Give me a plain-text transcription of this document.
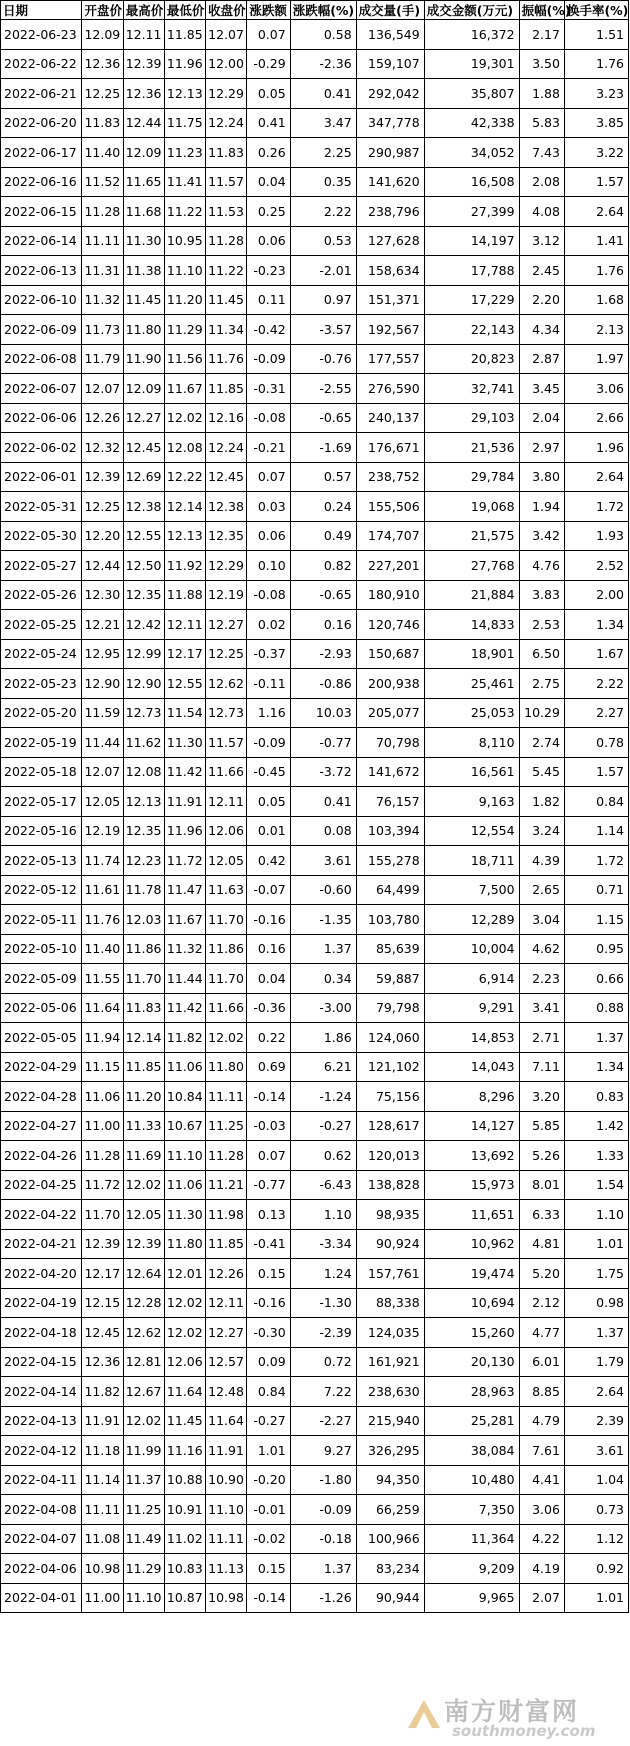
日期	开盘价	最高价	最低价	收盘价	涨跌额	涨跌幅(%)	成交量(手)	成交金额(万元)	振幅(%)	换手率(%)
2022-06-23	12.09	12.11	11.85	12.07	0.07	0.58	136,549	16,372	2.17	1.51
2022-06-22	12.36	12.39	11.96	12.00	-0.29	-2.36	159,107	19,301	3.50	1.76
2022-06-21	12.25	12.36	12.13	12.29	0.05	0.41	292,042	35,807	1.88	3.23
2022-06-20	11.83	12.44	11.75	12.24	0.41	3.47	347,778	42,338	5.83	3.85
2022-06-17	11.40	12.09	11.23	11.83	0.26	2.25	290,987	34,052	7.43	3.22
2022-06-16	11.52	11.65	11.41	11.57	0.04	0.35	141,620	16,508	2.08	1.57
2022-06-15	11.28	11.68	11.22	11.53	0.25	2.22	238,796	27,399	4.08	2.64
2022-06-14	11.11	11.30	10.95	11.28	0.06	0.53	127,628	14,197	3.12	1.41
2022-06-13	11.31	11.38	11.10	11.22	-0.23	-2.01	158,634	17,788	2.45	1.76
2022-06-10	11.32	11.45	11.20	11.45	0.11	0.97	151,371	17,229	2.20	1.68
2022-06-09	11.73	11.80	11.29	11.34	-0.42	-3.57	192,567	22,143	4.34	2.13
2022-06-08	11.79	11.90	11.56	11.76	-0.09	-0.76	177,557	20,823	2.87	1.97
2022-06-07	12.07	12.09	11.67	11.85	-0.31	-2.55	276,590	32,741	3.45	3.06
2022-06-06	12.26	12.27	12.02	12.16	-0.08	-0.65	240,137	29,103	2.04	2.66
2022-06-02	12.32	12.45	12.08	12.24	-0.21	-1.69	176,671	21,536	2.97	1.96
2022-06-01	12.39	12.69	12.22	12.45	0.07	0.57	238,752	29,784	3.80	2.64
2022-05-31	12.25	12.38	12.14	12.38	0.03	0.24	155,506	19,068	1.94	1.72
2022-05-30	12.20	12.55	12.13	12.35	0.06	0.49	174,707	21,575	3.42	1.93
2022-05-27	12.44	12.50	11.92	12.29	0.10	0.82	227,201	27,768	4.76	2.52
2022-05-26	12.30	12.35	11.88	12.19	-0.08	-0.65	180,910	21,884	3.83	2.00
2022-05-25	12.21	12.42	12.11	12.27	0.02	0.16	120,746	14,833	2.53	1.34
2022-05-24	12.95	12.99	12.17	12.25	-0.37	-2.93	150,687	18,901	6.50	1.67
2022-05-23	12.90	12.90	12.55	12.62	-0.11	-0.86	200,938	25,461	2.75	2.22
2022-05-20	11.59	12.73	11.54	12.73	1.16	10.03	205,077	25,053	10.29	2.27
2022-05-19	11.44	11.62	11.30	11.57	-0.09	-0.77	70,798	8,110	2.74	0.78
2022-05-18	12.07	12.08	11.42	11.66	-0.45	-3.72	141,672	16,561	5.45	1.57
2022-05-17	12.05	12.13	11.91	12.11	0.05	0.41	76,157	9,163	1.82	0.84
2022-05-16	12.19	12.35	11.96	12.06	0.01	0.08	103,394	12,554	3.24	1.14
2022-05-13	11.74	12.23	11.72	12.05	0.42	3.61	155,278	18,711	4.39	1.72
2022-05-12	11.61	11.78	11.47	11.63	-0.07	-0.60	64,499	7,500	2.65	0.71
2022-05-11	11.76	12.03	11.67	11.70	-0.16	-1.35	103,780	12,289	3.04	1.15
2022-05-10	11.40	11.86	11.32	11.86	0.16	1.37	85,639	10,004	4.62	0.95
2022-05-09	11.55	11.70	11.44	11.70	0.04	0.34	59,887	6,914	2.23	0.66
2022-05-06	11.64	11.83	11.42	11.66	-0.36	-3.00	79,798	9,291	3.41	0.88
2022-05-05	11.94	12.14	11.82	12.02	0.22	1.86	124,060	14,853	2.71	1.37
2022-04-29	11.15	11.85	11.06	11.80	0.69	6.21	121,102	14,043	7.11	1.34
2022-04-28	11.06	11.20	10.84	11.11	-0.14	-1.24	75,156	8,296	3.20	0.83
2022-04-27	11.00	11.33	10.67	11.25	-0.03	-0.27	128,617	14,127	5.85	1.42
2022-04-26	11.28	11.69	11.10	11.28	0.07	0.62	120,013	13,692	5.26	1.33
2022-04-25	11.72	12.02	11.06	11.21	-0.77	-6.43	138,828	15,973	8.01	1.54
2022-04-22	11.70	12.05	11.30	11.98	0.13	1.10	98,935	11,651	6.33	1.10
2022-04-21	12.39	12.39	11.80	11.85	-0.41	-3.34	90,924	10,962	4.81	1.01
2022-04-20	12.17	12.64	12.01	12.26	0.15	1.24	157,761	19,474	5.20	1.75
2022-04-19	12.15	12.28	12.02	12.11	-0.16	-1.30	88,338	10,694	2.12	0.98
2022-04-18	12.45	12.62	12.02	12.27	-0.30	-2.39	124,035	15,260	4.77	1.37
2022-04-15	12.36	12.81	12.06	12.57	0.09	0.72	161,921	20,130	6.01	1.79
2022-04-14	11.82	12.67	11.64	12.48	0.84	7.22	238,630	28,963	8.85	2.64
2022-04-13	11.91	12.02	11.45	11.64	-0.27	-2.27	215,940	25,281	4.79	2.39
2022-04-12	11.18	11.99	11.16	11.91	1.01	9.27	326,295	38,084	7.61	3.61
2022-04-11	11.14	11.37	10.88	10.90	-0.20	-1.80	94,350	10,480	4.41	1.04
2022-04-08	11.11	11.25	10.91	11.10	-0.01	-0.09	66,259	7,350	3.06	0.73
2022-04-07	11.08	11.49	11.02	11.11	-0.02	-0.18	100,966	11,364	4.22	1.12
2022-04-06	10.98	11.29	10.83	11.13	0.15	1.37	83,234	9,209	4.19	0.92
2022-04-01	11.00	11.10	10.87	10.98	-0.14	-1.26	90,944	9,965	2.07	1.01
南方财富网
southmoney.com
